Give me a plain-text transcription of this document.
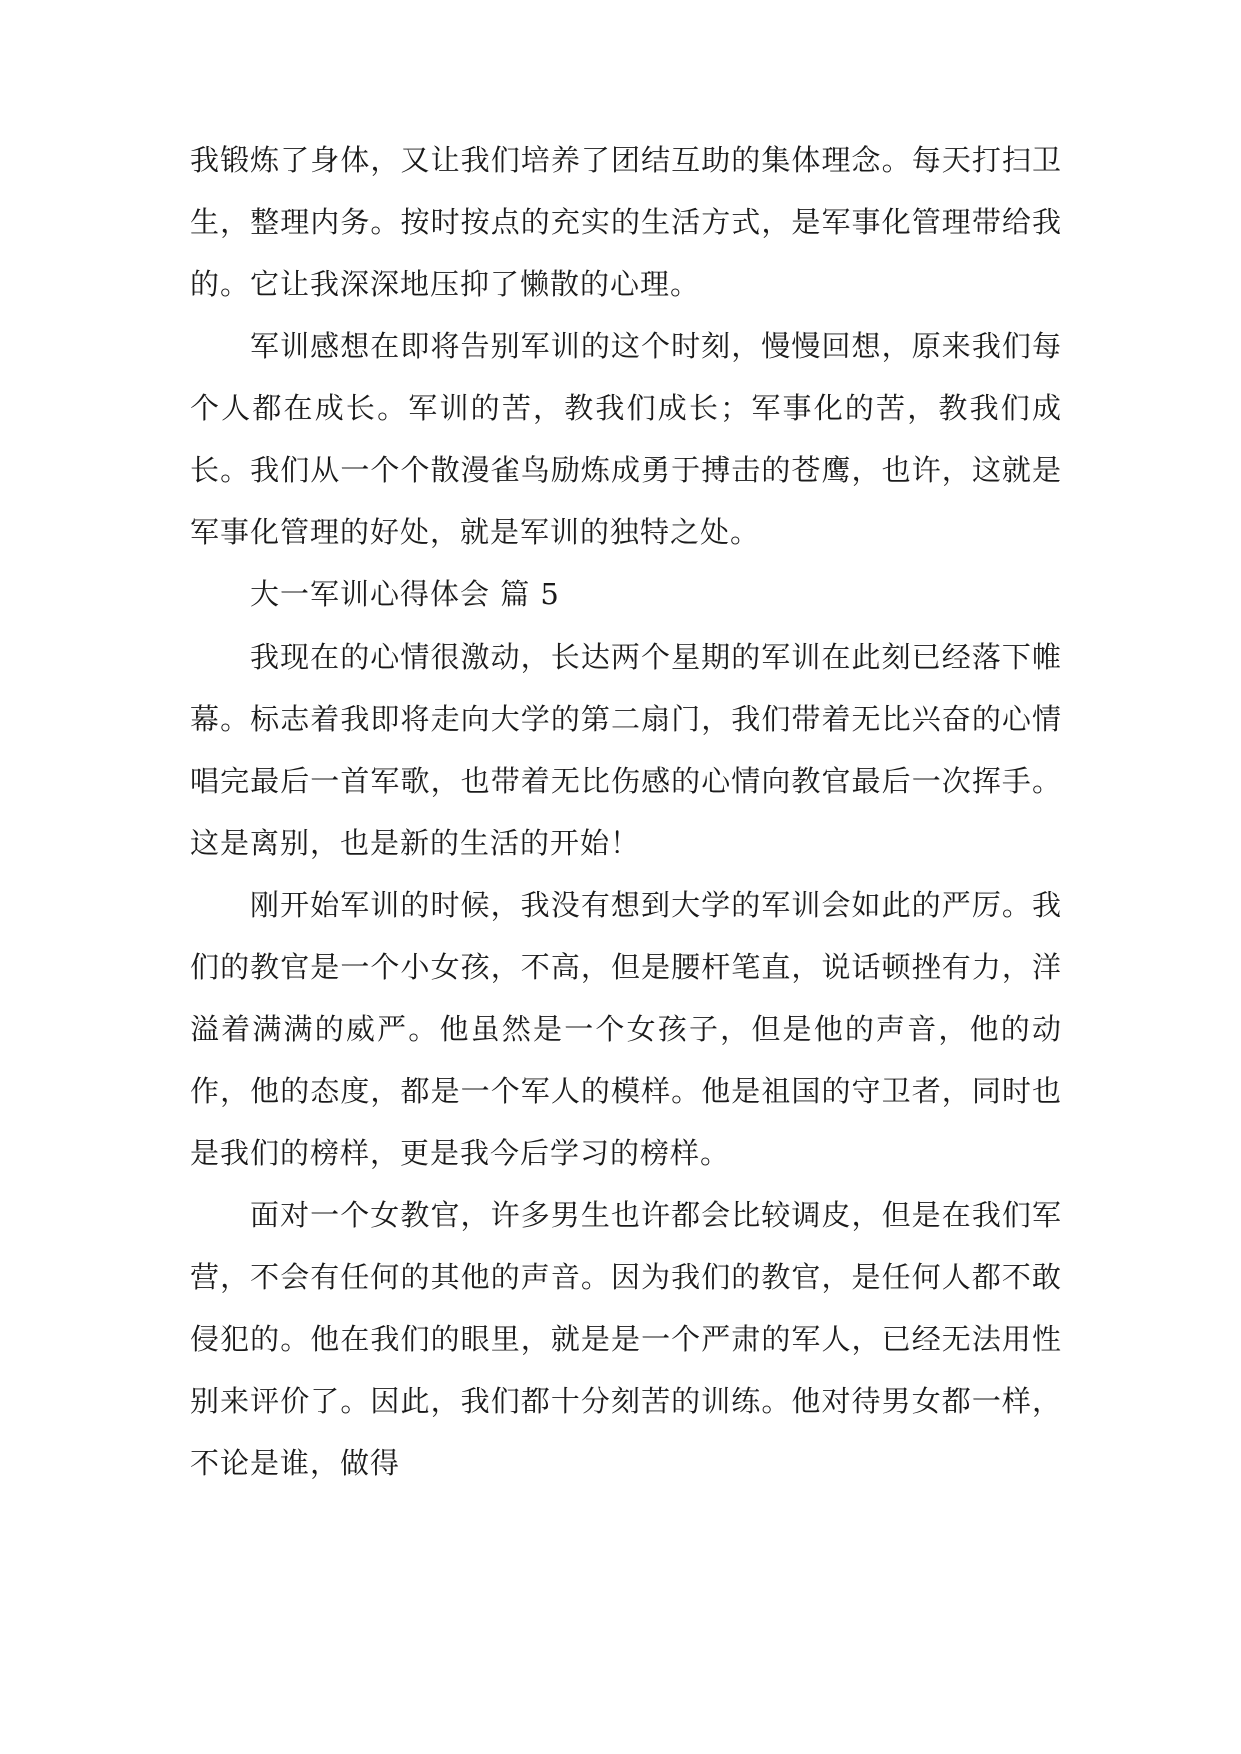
我锻炼了身体，又让我们培养了团结互助的集体理念。每天打扫卫生，整理内务。按时按点的充实的生活方式，是军事化管理带给我的。它让我深深地压抑了懒散的心理。

军训感想在即将告别军训的这个时刻，慢慢回想，原来我们每个人都在成长。军训的苦，教我们成长；军事化的苦，教我们成长。我们从一个个散漫雀鸟励炼成勇于搏击的苍鹰，也许，这就是军事化管理的好处，就是军训的独特之处。

大一军训心得体会 篇 5

我现在的心情很激动，长达两个星期的军训在此刻已经落下帷幕。标志着我即将走向大学的第二扇门，我们带着无比兴奋的心情唱完最后一首军歌，也带着无比伤感的心情向教官最后一次挥手。这是离别，也是新的生活的开始！

刚开始军训的时候，我没有想到大学的军训会如此的严厉。我们的教官是一个小女孩，不高，但是腰杆笔直，说话顿挫有力，洋溢着满满的威严。他虽然是一个女孩子，但是他的声音，他的动作，他的态度，都是一个军人的模样。他是祖国的守卫者，同时也是我们的榜样，更是我今后学习的榜样。

面对一个女教官，许多男生也许都会比较调皮，但是在我们军营，不会有任何的其他的声音。因为我们的教官，是任何人都不敢侵犯的。他在我们的眼里，就是是一个严肃的军人，已经无法用性别来评价了。因此，我们都十分刻苦的训练。他对待男女都一样，不论是谁，做得
